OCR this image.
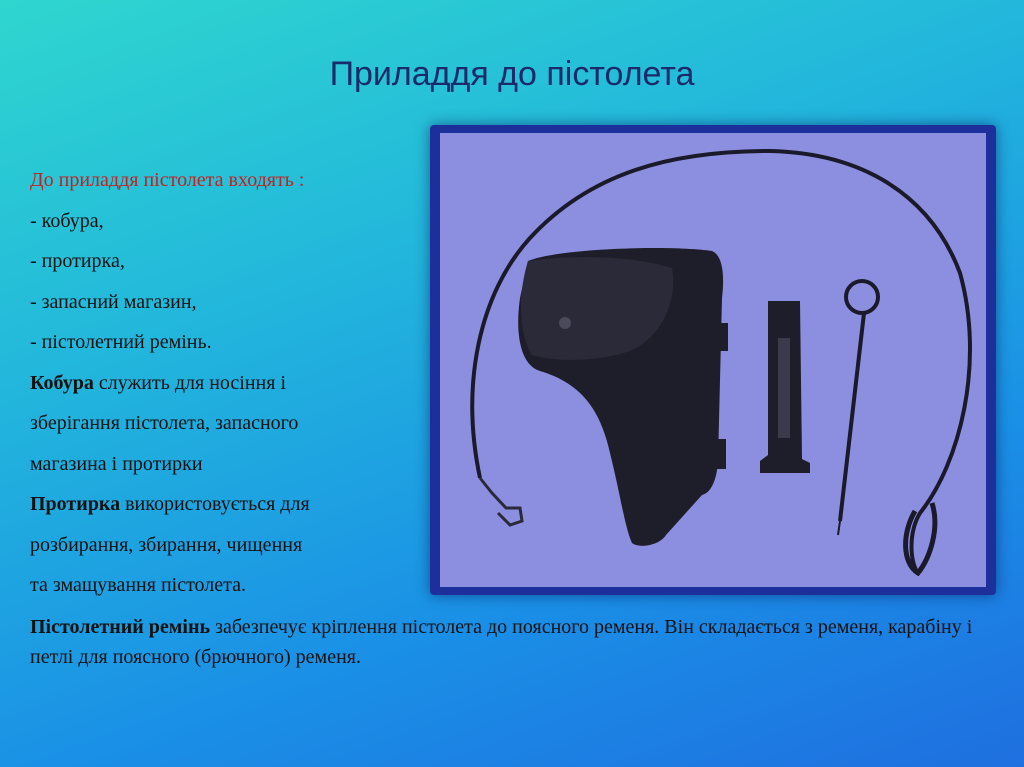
Приладдя до пістолета
До приладдя пістолета входять :
- кобура,
- протирка,
- запасний магазин,
- пістолетний ремінь.
Кобура служить для носіння і
зберігання пістолета, запасного
магазина і протирки
Протирка використовується для
розбирання, збирання, чищення
та змащування пістолета.
Пістолетний ремінь забезпечує кріплення пістолета до поясного ременя. Він складається з ременя, карабіну і петлі для поясного (брючного) ременя.
